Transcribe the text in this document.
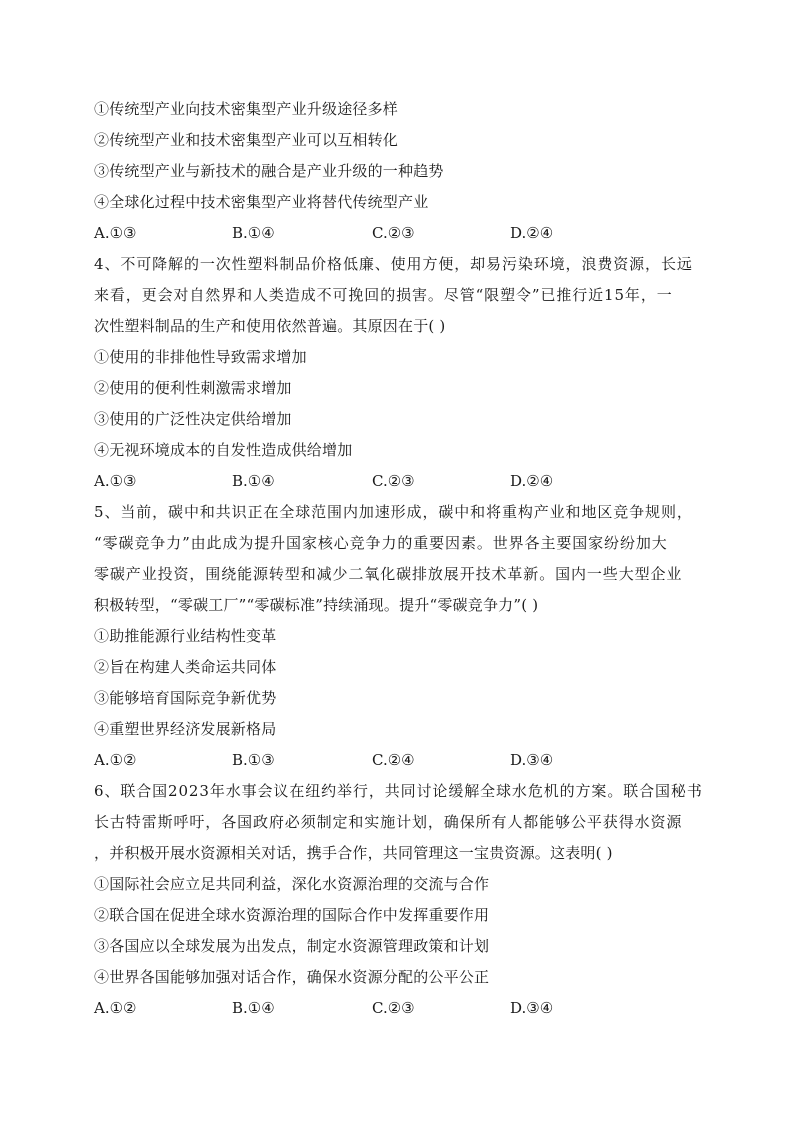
①传统型产业向技术密集型产业升级途径多样
②传统型产业和技术密集型产业可以互相转化
③传统型产业与新技术的融合是产业升级的一种趋势
④全球化过程中技术密集型产业将替代传统型产业
A.①③	B.①④	C.②③	D.②④
4、不可降解的一次性塑料制品价格低廉、使用方便，却易污染环境，浪费资源，长远
来看，更会对自然界和人类造成不可挽回的损害。尽管“限塑令”已推行近15年，一
次性塑料制品的生产和使用依然普遍。其原因在于( )
①使用的非排他性导致需求增加
②使用的便利性刺激需求增加
③使用的广泛性决定供给增加
④无视环境成本的自发性造成供给增加
A.①③	B.①④	C.②③	D.②④
5、当前，碳中和共识正在全球范围内加速形成，碳中和将重构产业和地区竞争规则，
“零碳竞争力”由此成为提升国家核心竞争力的重要因素。世界各主要国家纷纷加大
零碳产业投资，围绕能源转型和减少二氧化碳排放展开技术革新。国内一些大型企业
积极转型，“零碳工厂”“零碳标准”持续涌现。提升“零碳竞争力”( )
①助推能源行业结构性变革
②旨在构建人类命运共同体
③能够培育国际竞争新优势
④重塑世界经济发展新格局
A.①②	B.①③	C.②④	D.③④
6、联合国2023年水事会议在纽约举行，共同讨论缓解全球水危机的方案。联合国秘书
长古特雷斯呼吁，各国政府必须制定和实施计划，确保所有人都能够公平获得水资源
，并积极开展水资源相关对话，携手合作，共同管理这一宝贵资源。这表明( )
①国际社会应立足共同利益，深化水资源治理的交流与合作
②联合国在促进全球水资源治理的国际合作中发挥重要作用
③各国应以全球发展为出发点，制定水资源管理政策和计划
④世界各国能够加强对话合作，确保水资源分配的公平公正
A.①②	B.①④	C.②③	D.③④
